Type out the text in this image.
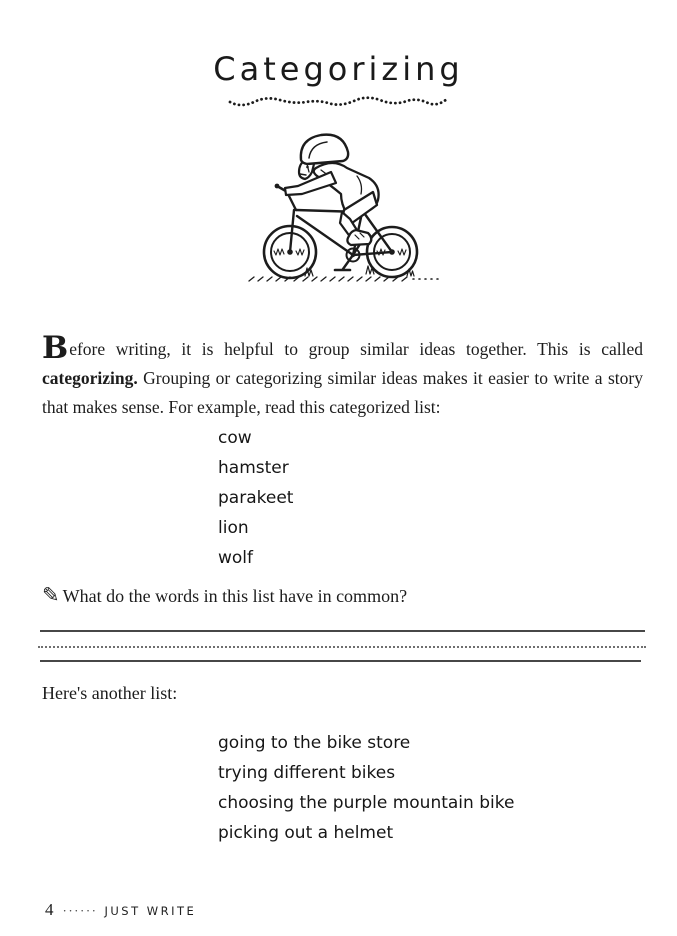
Categorizing

Before writing, it is helpful to group similar ideas together. This is called categorizing. Grouping or categorizing similar ideas makes it easier to write a story that makes sense. For example, read this categorized list:

cow
hamster
parakeet
lion
wolf
✎ What do the words in this list have in common?
Here's another list:
going to the bike store
trying different bikes
choosing the purple mountain bike
picking out a helmet
4 ······ JUST WRITE
